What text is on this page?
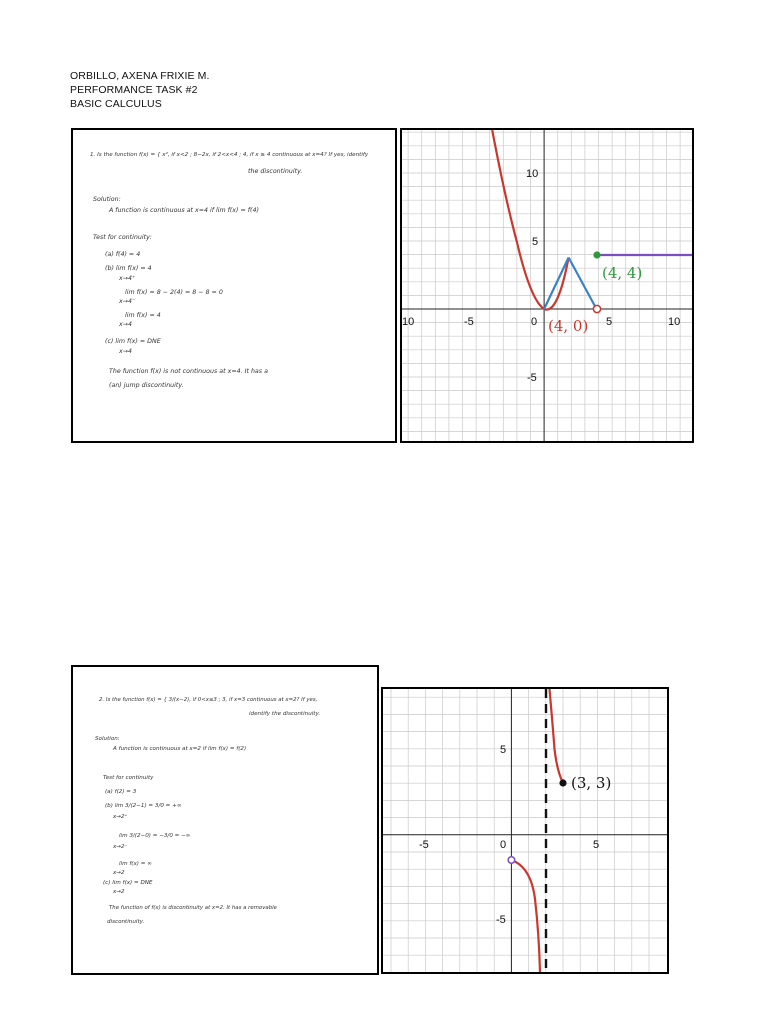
ORBILLO, AXENA FRIXIE M.
PERFORMANCE TASK #2
BASIC CALCULUS
1. Is the function f(x) = { x², if x<2 ; 8−2x, if 2<x<4 ; 4, if x ≥ 4 continuous at x=4? If yes, identify
the discontinuity.
Solution:
A function is continuous at x=4 if lim f(x) = f(4)
Test for continuity:
(a) f(4) = 4
(b) lim f(x) = 4
x→4⁺
lim f(x) = 8 − 2(4) = 8 − 8 = 0
x→4⁻
lim f(x) = 4
x→4
(c) lim f(x) = DNE
x→4
The function f(x) is not continuous at x=4. It has a
(an) jump discontinuity.
10	-5	0	5	10
10
5
-5
(4, 4)
(4, 0)
2. Is the function f(x) = { 3/(x−2), if 0<x≤3 ; 3, if x=3 continuous at x=2? If yes,
identify the discontinuity.
Solution:
A function is continuous at x=2 if lim f(x) = f(2)
Test for continuity
(a) f(2) = 3
(b) lim 3/(2−1) = 3/0 = +∞
x→2⁺
lim 3/(2−0) = −3/0 = −∞
x→2⁻
lim f(x) = ∞
x→2
(c) lim f(x) = DNE
x→2
The function of f(x) is discontinuity at x=2. It has a removable
discontinuity.
5
-5	0	5
-5
(3, 3)
